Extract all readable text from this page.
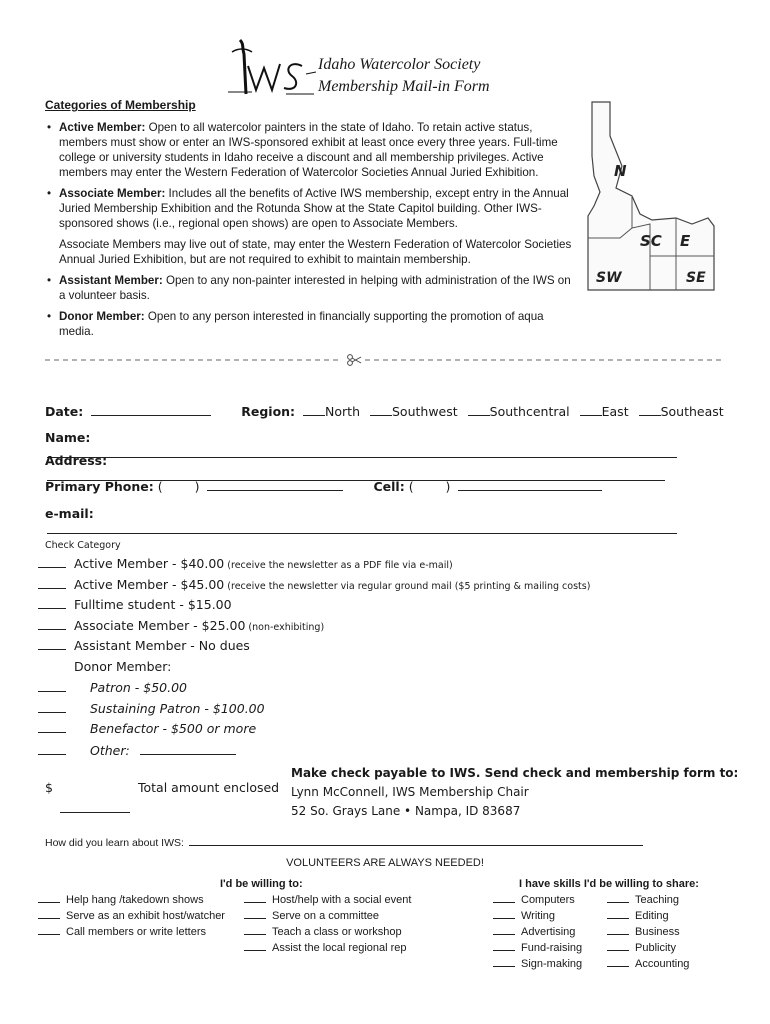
IWS
Idaho Watercolor Society
Membership Mail-in Form
Categories of Membership
• Active Member: Open to all watercolor painters in the state of Idaho. To retain active status, members must show or enter an IWS-sponsored exhibit at least once every three years. Full-time college or university students in Idaho receive a discount and all membership privileges. Active members may enter the Western Federation of Watercolor Societies Annual Juried Exhibition.
• Associate Member: Includes all the benefits of Active IWS membership, except entry in the Annual Juried Membership Exhibition and the Rotunda Show at the State Capitol building. Other IWS-sponsored shows (i.e., regional open shows) are open to Associate Members.
Associate Members may live out of state, may enter the Western Federation of Watercolor Societies Annual Juried Exhibition, but are not required to exhibit to maintain membership.
• Assistant Member: Open to any non-painter interested in helping with administration of the IWS on a volunteer basis.
• Donor Member: Open to any person interested in financially supporting the promotion of aqua media.
N
SC E
SW	SE
Date:	Region: North	Southwest	Southcentral	East	Southeast
Name:
Address:
Primary Phone: (	)	Cell: (	)
e-mail:
Check Category
Active Member - $40.00 (receive the newsletter as a PDF file via e-mail)
Active Member - $45.00 (receive the newsletter via regular ground mail ($5 printing & mailing costs)
Fulltime student - $15.00
Associate Member - $25.00 (non-exhibiting)
Assistant Member - No dues
Donor Member:
Patron - $50.00
Sustaining Patron - $100.00
Benefactor - $500 or more
Other:
$	Total amount enclosed
Make check payable to IWS. Send check and membership form to:
Lynn McConnell, IWS Membership Chair
52 So. Grays Lane • Nampa, ID 83687
How did you learn about IWS:
VOLUNTEERS ARE ALWAYS NEEDED!
I'd be willing to:	I have skills I'd be willing to share:
Help hang /takedown shows
Serve as an exhibit host/watcher
Call members or write letters
Host/help with a social event
Serve on a committee
Teach a class or workshop
Assist the local regional rep
Computers
Writing
Advertising
Fund-raising
Sign-making
Teaching
Editing
Business
Publicity
Accounting
